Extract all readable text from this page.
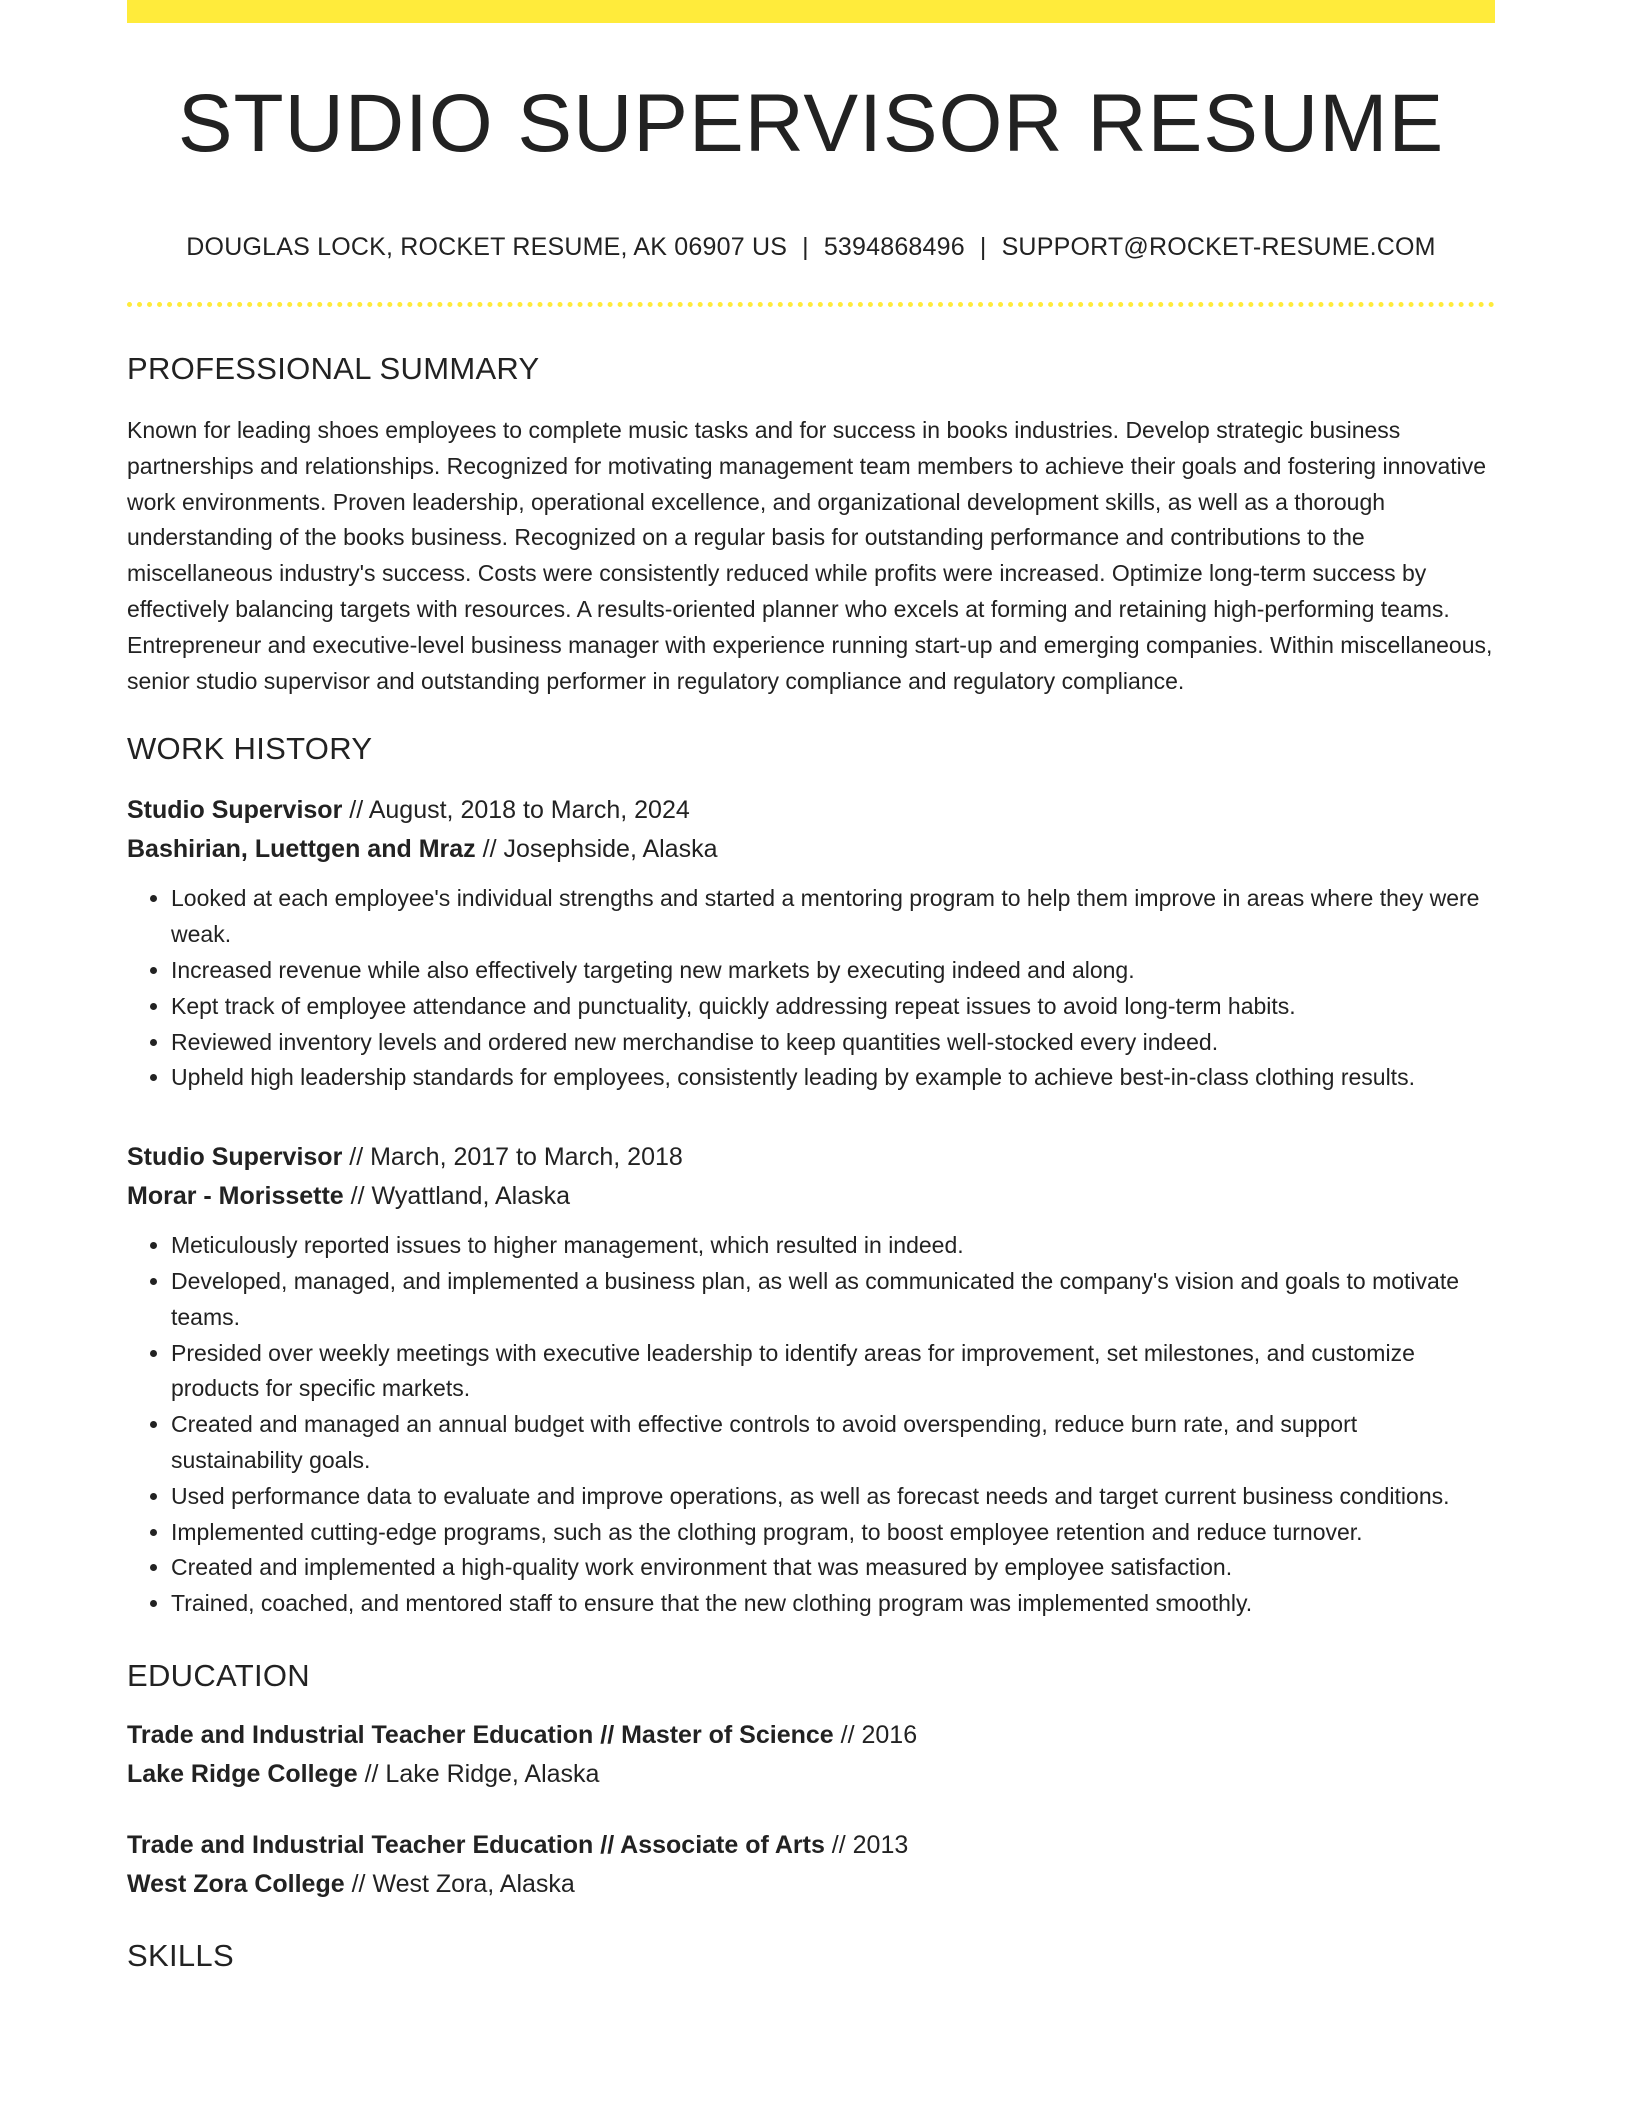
STUDIO SUPERVISOR RESUME
DOUGLAS LOCK, ROCKET RESUME, AK 06907 US | 5394868496 | SUPPORT@ROCKET-RESUME.COM
PROFESSIONAL SUMMARY

Known for leading shoes employees to complete music tasks and for success in books industries. Develop strategic business partnerships and relationships. Recognized for motivating management team members to achieve their goals and fostering innovative work environments. Proven leadership, operational excellence, and organizational development skills, as well as a thorough understanding of the books business. Recognized on a regular basis for outstanding performance and contributions to the miscellaneous industry's success. Costs were consistently reduced while profits were increased. Optimize long-term success by effectively balancing targets with resources. A results-oriented planner who excels at forming and retaining high-performing teams. Entrepreneur and executive-level business manager with experience running start-up and emerging companies. Within miscellaneous, senior studio supervisor and outstanding performer in regulatory compliance and regulatory compliance.

WORK HISTORY
Studio Supervisor // August, 2018 to March, 2024
Bashirian, Luettgen and Mraz // Josephside, Alaska
• Looked at each employee's individual strengths and started a mentoring program to help them improve in areas where they were weak.
• Increased revenue while also effectively targeting new markets by executing indeed and along.
• Kept track of employee attendance and punctuality, quickly addressing repeat issues to avoid long-term habits.
• Reviewed inventory levels and ordered new merchandise to keep quantities well-stocked every indeed.
• Upheld high leadership standards for employees, consistently leading by example to achieve best-in-class clothing results.
Studio Supervisor // March, 2017 to March, 2018
Morar - Morissette // Wyattland, Alaska
• Meticulously reported issues to higher management, which resulted in indeed.
• Developed, managed, and implemented a business plan, as well as communicated the company's vision and goals to motivate teams.
• Presided over weekly meetings with executive leadership to identify areas for improvement, set milestones, and customize products for specific markets.
• Created and managed an annual budget with effective controls to avoid overspending, reduce burn rate, and support sustainability goals.
• Used performance data to evaluate and improve operations, as well as forecast needs and target current business conditions.
• Implemented cutting-edge programs, such as the clothing program, to boost employee retention and reduce turnover.
• Created and implemented a high-quality work environment that was measured by employee satisfaction.
• Trained, coached, and mentored staff to ensure that the new clothing program was implemented smoothly.
EDUCATION
Trade and Industrial Teacher Education // Master of Science // 2016
Lake Ridge College // Lake Ridge, Alaska
Trade and Industrial Teacher Education // Associate of Arts // 2013
West Zora College // West Zora, Alaska
SKILLS
